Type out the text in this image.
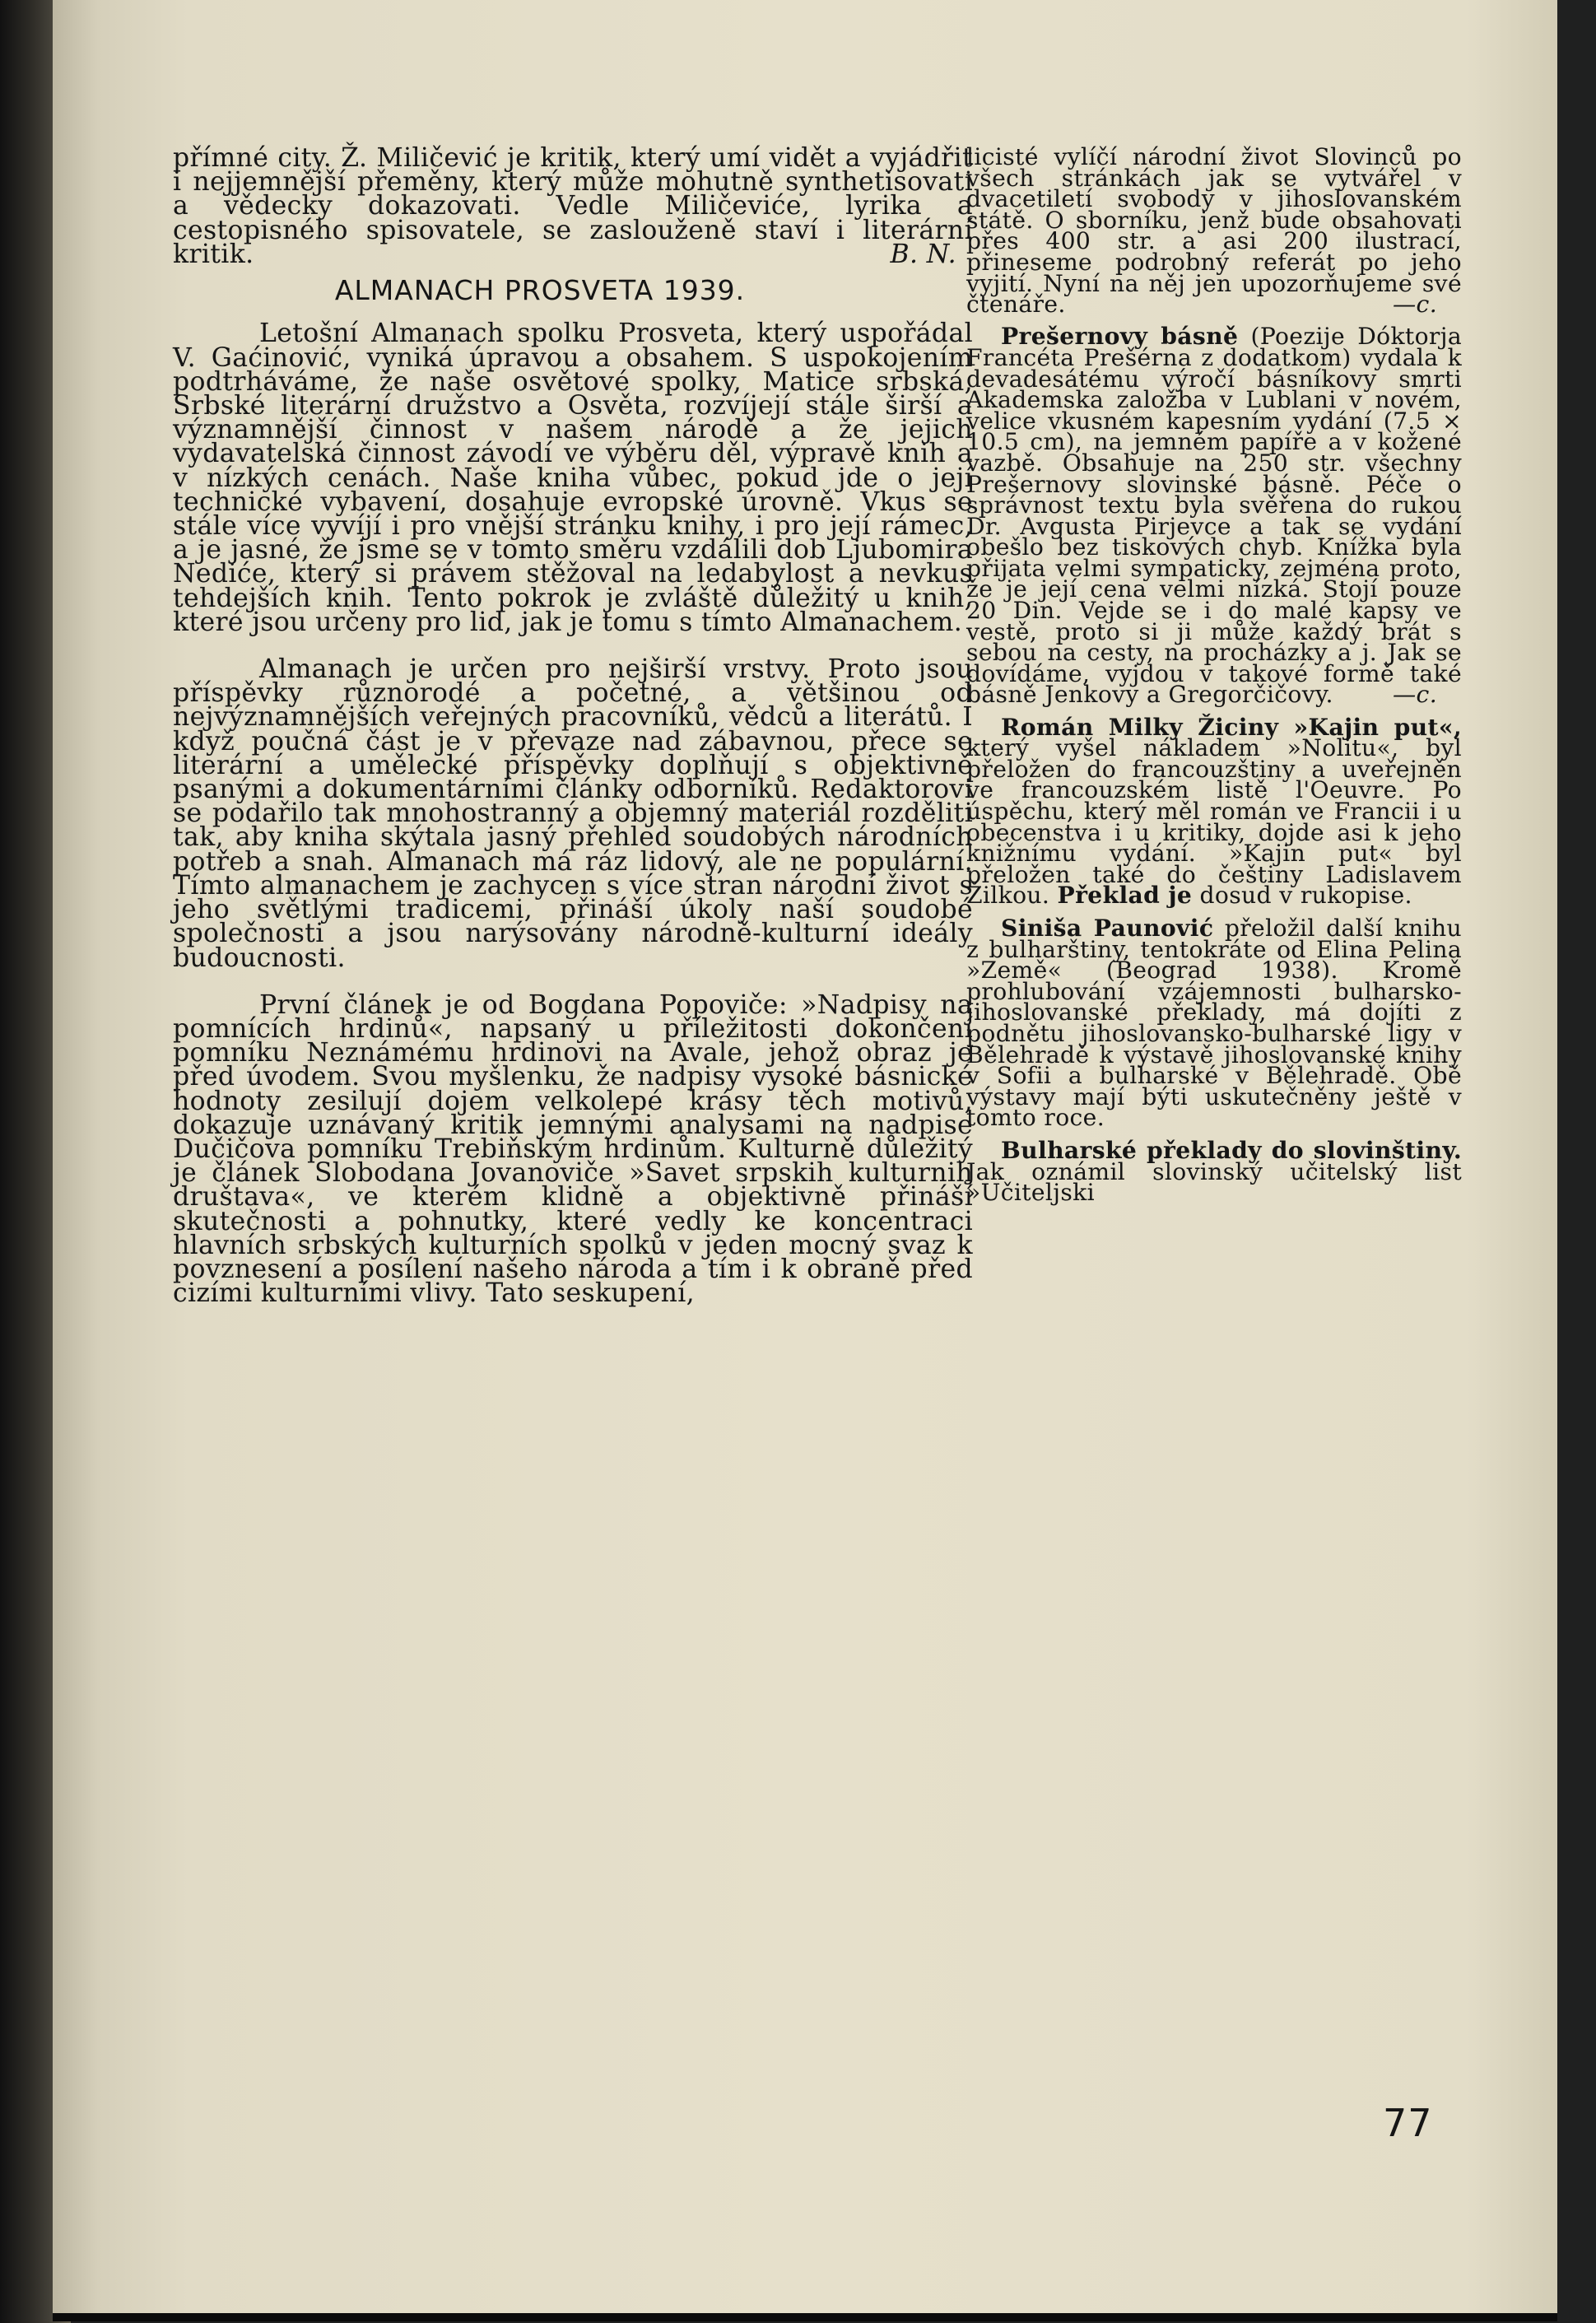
přímné city. Ž. Miličević je kritik, který umí vidět a vyjádřit i nejjemnější přeměny, který může mohutně synthetisovati a vědecky dokazovati. Vedle Miličeviće, lyrika a cestopisného spisovatele, se zaslouženě staví i literární kritik.	B. N.

ALMANACH PROSVETA 1939.

Letošní Almanach spolku Prosveta, který uspořádal V. Gaćinović, vyniká úpravou a obsahem. S uspokojením podtrháváme, že naše osvětové spolky, Matice srbská, Srbské literární družstvo a Osvěta, rozvíjejí stále širší a významnější činnost v našem národě a že jejich vydavatelská činnost závodí ve výběru děl, výpravě knih a v nízkých cenách. Naše kniha vůbec, pokud jde o její technické vybavení, dosahuje evropské úrovně. Vkus se stále více vyvíjí i pro vnější stránku knihy, i pro její rámec, a je jasné, že jsme se v tomto směru vzdálili dob Ljubomira Nediće, který si právem stěžoval na ledabylost a nevkus tehdejších knih. Tento pokrok je zvláště důležitý u knih, které jsou určeny pro lid, jak je tomu s tímto Almanachem.

Almanach je určen pro nejširší vrstvy. Proto jsou příspěvky různorodé a početné, a většinou od nejvýznamnějších veřejných pracovníků, vědců a literátů. I když poučná část je v převaze nad zábavnou, přece se literární a umělecké příspěvky doplňují s objektivně psanými a dokumentárními články odborníků. Redaktorovi se podařilo tak mnohostranný a objemný materiál rozděliti tak, aby kniha skýtala jasný přehled soudobých národních potřeb a snah. Almanach má ráz lidový, ale ne populární. Tímto almanachem je zachycen s více stran národní život s jeho světlými tradicemi, přináší úkoly naší soudobé společnosti a jsou narýsovány národně-kulturní ideály budoucnosti.

První článek je od Bogdana Popoviče: »Nadpisy na pomnících hrdinů«, napsaný u příležitosti dokončení pomníku Neznámému hrdinovi na Avale, jehož obraz je před úvodem. Svou myšlenku, že nadpisy vysoké básnické hodnoty zesilují dojem velkolepé krásy těch motivů, dokazuje uznávaný kritik jemnými analysami na nadpise Dučičova pomníku Trebiňským hrdinům. Kulturně důležitý je článek Slobodana Jovanoviče »Savet srpskih kulturnih društava«, ve kterém klidně a objektivně přináší skutečnosti a pohnutky, které vedly ke koncentraci hlavních srbských kulturních spolků v jeden mocný svaz k povznesení a posílení našeho národa a tím i k obraně před cizími kulturními vlivy. Tato seskupení,

licisté vylíčí národní život Slovinců po všech stránkách jak se vytvářel v dvacetiletí svobody v jihoslovanském státě. O sborníku, jenž bude obsahovati přes 400 str. a asi 200 ilustrací, přineseme podrobný referát po jeho vyjití. Nyní na něj jen upozorňujeme své čtenáře.	—c.

Prešernovy básně (Poezije Dóktorja Francéta Prešérna z dodatkom) vydala k devadesátému výročí básníkovy smrti Akademska založba v Lublani v novém, velice vkusném kapesním vydání (7.5 × 10.5 cm), na jemném papíře a v kožené vazbě. Obsahuje na 250 str. všechny Prešernovy slovinské básně. Péče o správnost textu byla svěřena do rukou Dr. Avgusta Pirjevce a tak se vydání obešlo bez tiskových chyb. Knížka byla přijata velmi sympaticky, zejména proto, že je její cena velmi nízká. Stojí pouze 20 Din. Vejde se i do malé kapsy ve vestě, proto si ji může každý brát s sebou na cesty, na procházky a j. Jak se dovídáme, vyjdou v takové formě také básně Jenkovy a Gregorčičovy.	—c.

Román Milky Žiciny »Kajin put«, který vyšel nákladem »Nolitu«, byl přeložen do francouzštiny a uveřejněn ve francouzském listě l'Oeuvre. Po úspěchu, který měl román ve Francii i u obecenstva i u kritiky, dojde asi k jeho knižnímu vydání. »Kajin put« byl přeložen také do češtiny Ladislavem Žilkou. Překlad je dosud v rukopise.

Siniša Paunović přeložil další knihu z bulharštiny, tentokráte od Elina Pelina »Země« (Beograd 1938). Kromě prohlubování vzájemnosti bulharsko-jihoslovanské překlady, má dojíti z podnětu jihoslovansko-bulharské ligy v Bělehradě k výstavě jihoslovanské knihy v Sofii a bulharské v Bělehradě. Obě výstavy mají býti uskutečněny ještě v tomto roce.

Bulharské překlady do slovinštiny. Jak oznámil slovinský učitelský list »Učiteljski

77
